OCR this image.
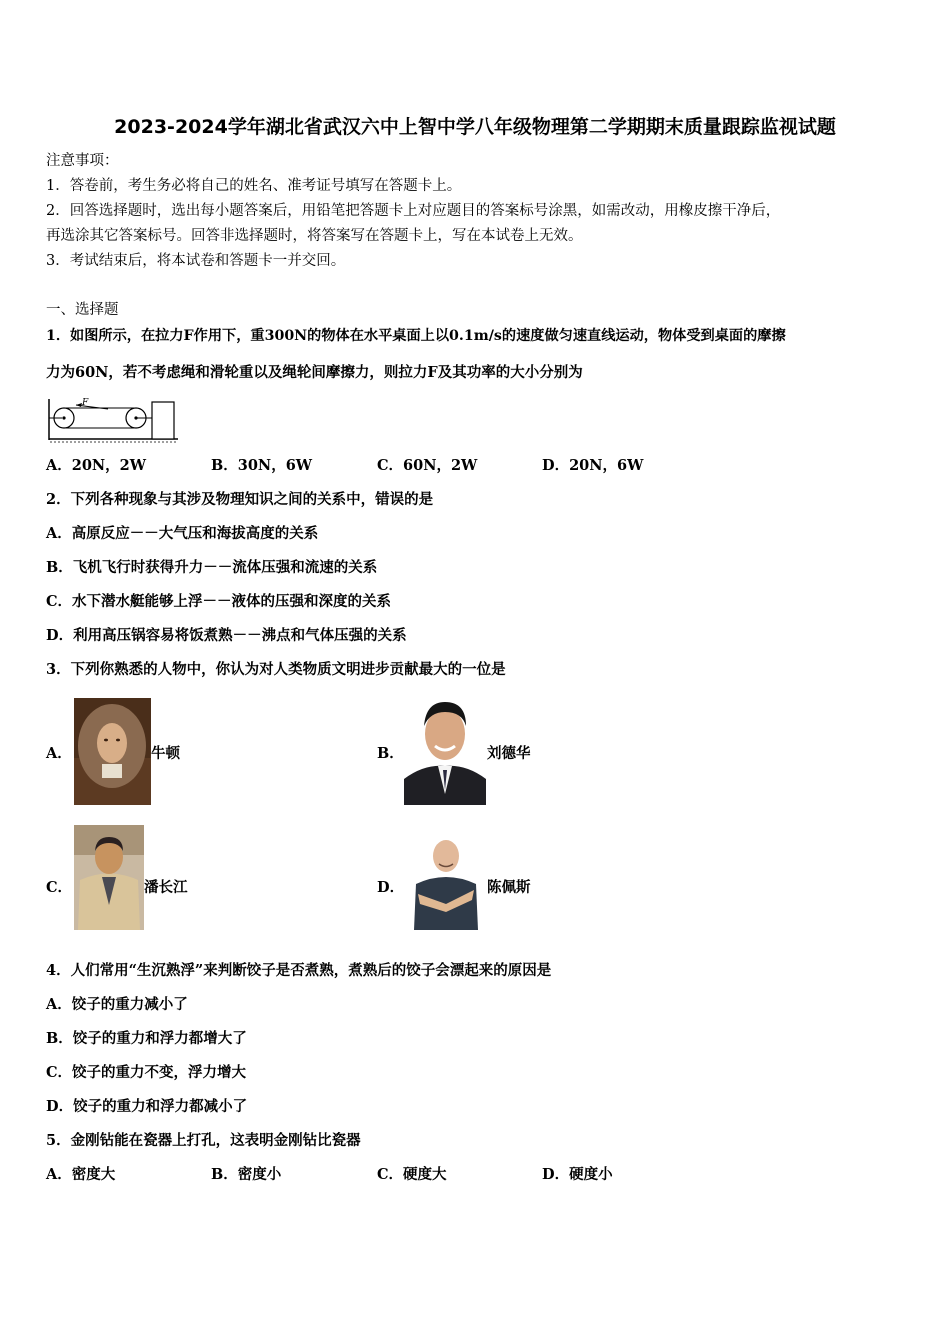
2023-2024学年湖北省武汉六中上智中学八年级物理第二学期期末质量跟踪监视试题
注意事项：
1．答卷前，考生务必将自己的姓名、准考证号填写在答题卡上。
2．回答选择题时，选出每小题答案后，用铅笔把答题卡上对应题目的答案标号涂黑，如需改动，用橡皮擦干净后，
再选涂其它答案标号。回答非选择题时，将答案写在答题卡上，写在本试卷上无效。
3．考试结束后，将本试卷和答题卡一并交回。
一、选择题
1．如图所示，在拉力F作用下，重300N的物体在水平桌面上以0.1m/s的速度做匀速直线运动，物体受到桌面的摩擦
力为60N，若不考虑绳和滑轮重以及绳轮间摩擦力，则拉力F及其功率的大小分别为
F
A．20N，2W	B．30N，6W	C．60N，2W	D．20N，6W
2．下列各种现象与其涉及物理知识之间的关系中，错误的是
A．高原反应－－大气压和海拔高度的关系
B．飞机飞行时获得升力－－流体压强和流速的关系
C．水下潜水艇能够上浮－－液体的压强和深度的关系
D．利用高压锅容易将饭煮熟－－沸点和气体压强的关系
3．下列你熟悉的人物中，你认为对人类物质文明进步贡献最大的一位是
A．	牛顿	B．	刘德华
C．	潘长江	D．	陈佩斯
4．人们常用“生沉熟浮”来判断饺子是否煮熟，煮熟后的饺子会漂起来的原因是
A．饺子的重力减小了
B．饺子的重力和浮力都增大了
C．饺子的重力不变，浮力增大
D．饺子的重力和浮力都减小了
5．金刚钻能在瓷器上打孔，这表明金刚钻比瓷器
A．密度大	B．密度小	C．硬度大	D．硬度小
